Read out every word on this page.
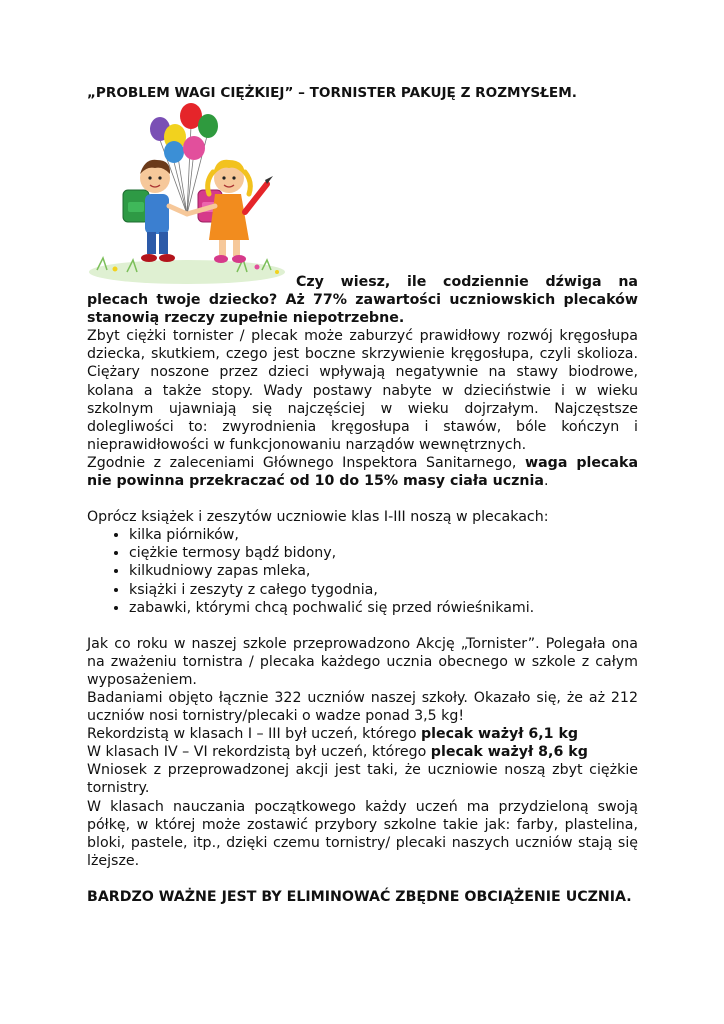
„PROBLEM WAGI CIĘŻKIEJ” – TORNISTER PAKUJĘ Z ROZMYSŁEM.

Czy wiesz, ile codziennie dźwiga na plecach twoje dziecko? Aż 77% zawartości uczniowskich plecaków stanowią rzeczy zupełnie niepotrzebne.

Zbyt ciężki tornister / plecak może zaburzyć prawidłowy rozwój kręgosłupa dziecka, skutkiem, czego jest boczne skrzywienie kręgosłupa, czyli skolioza. Ciężary noszone przez dzieci wpływają negatywnie na stawy biodrowe, kolana a także stopy. Wady postawy nabyte w dzieciństwie i w wieku szkolnym ujawniają się najczęściej w wieku dojrzałym. Najczęstsze dolegliwości to: zwyrodnienia kręgosłupa i stawów, bóle kończyn i nieprawidłowości w funkcjonowaniu narządów wewnętrznych.

Zgodnie z zaleceniami Głównego Inspektora Sanitarnego, waga plecaka nie powinna przekraczać od 10 do 15% masy ciała ucznia.

Oprócz książek i zeszytów uczniowie klas I-III noszą w plecakach:

• kilka piórników,
• ciężkie termosy bądź bidony,
• kilkudniowy zapas mleka,
• książki i zeszyty z całego tygodnia,
• zabawki, którymi chcą pochwalić się przed rówieśnikami.

Jak co roku w naszej szkole przeprowadzono Akcję „Tornister”. Polegała ona na zważeniu tornistra / plecaka każdego ucznia obecnego w szkole z całym wyposażeniem.

Badaniami objęto łącznie 322 uczniów naszej szkoły. Okazało się, że aż 212 uczniów nosi tornistry/plecaki o wadze ponad 3,5 kg!

Rekordzistą w klasach I – III był uczeń, którego plecak ważył 6,1 kg

W klasach IV – VI rekordzistą był uczeń, którego plecak ważył 8,6 kg

Wniosek z przeprowadzonej akcji jest taki, że uczniowie noszą zbyt ciężkie tornistry.

W klasach nauczania początkowego każdy uczeń ma przydzieloną swoją półkę, w której może zostawić przybory szkolne takie jak: farby, plastelina, bloki, pastele, itp., dzięki czemu tornistry/ plecaki naszych uczniów stają się lżejsze.

BARDZO WAŻNE JEST BY ELIMINOWAĆ ZBĘDNE OBCIĄŻENIE UCZNIA.
